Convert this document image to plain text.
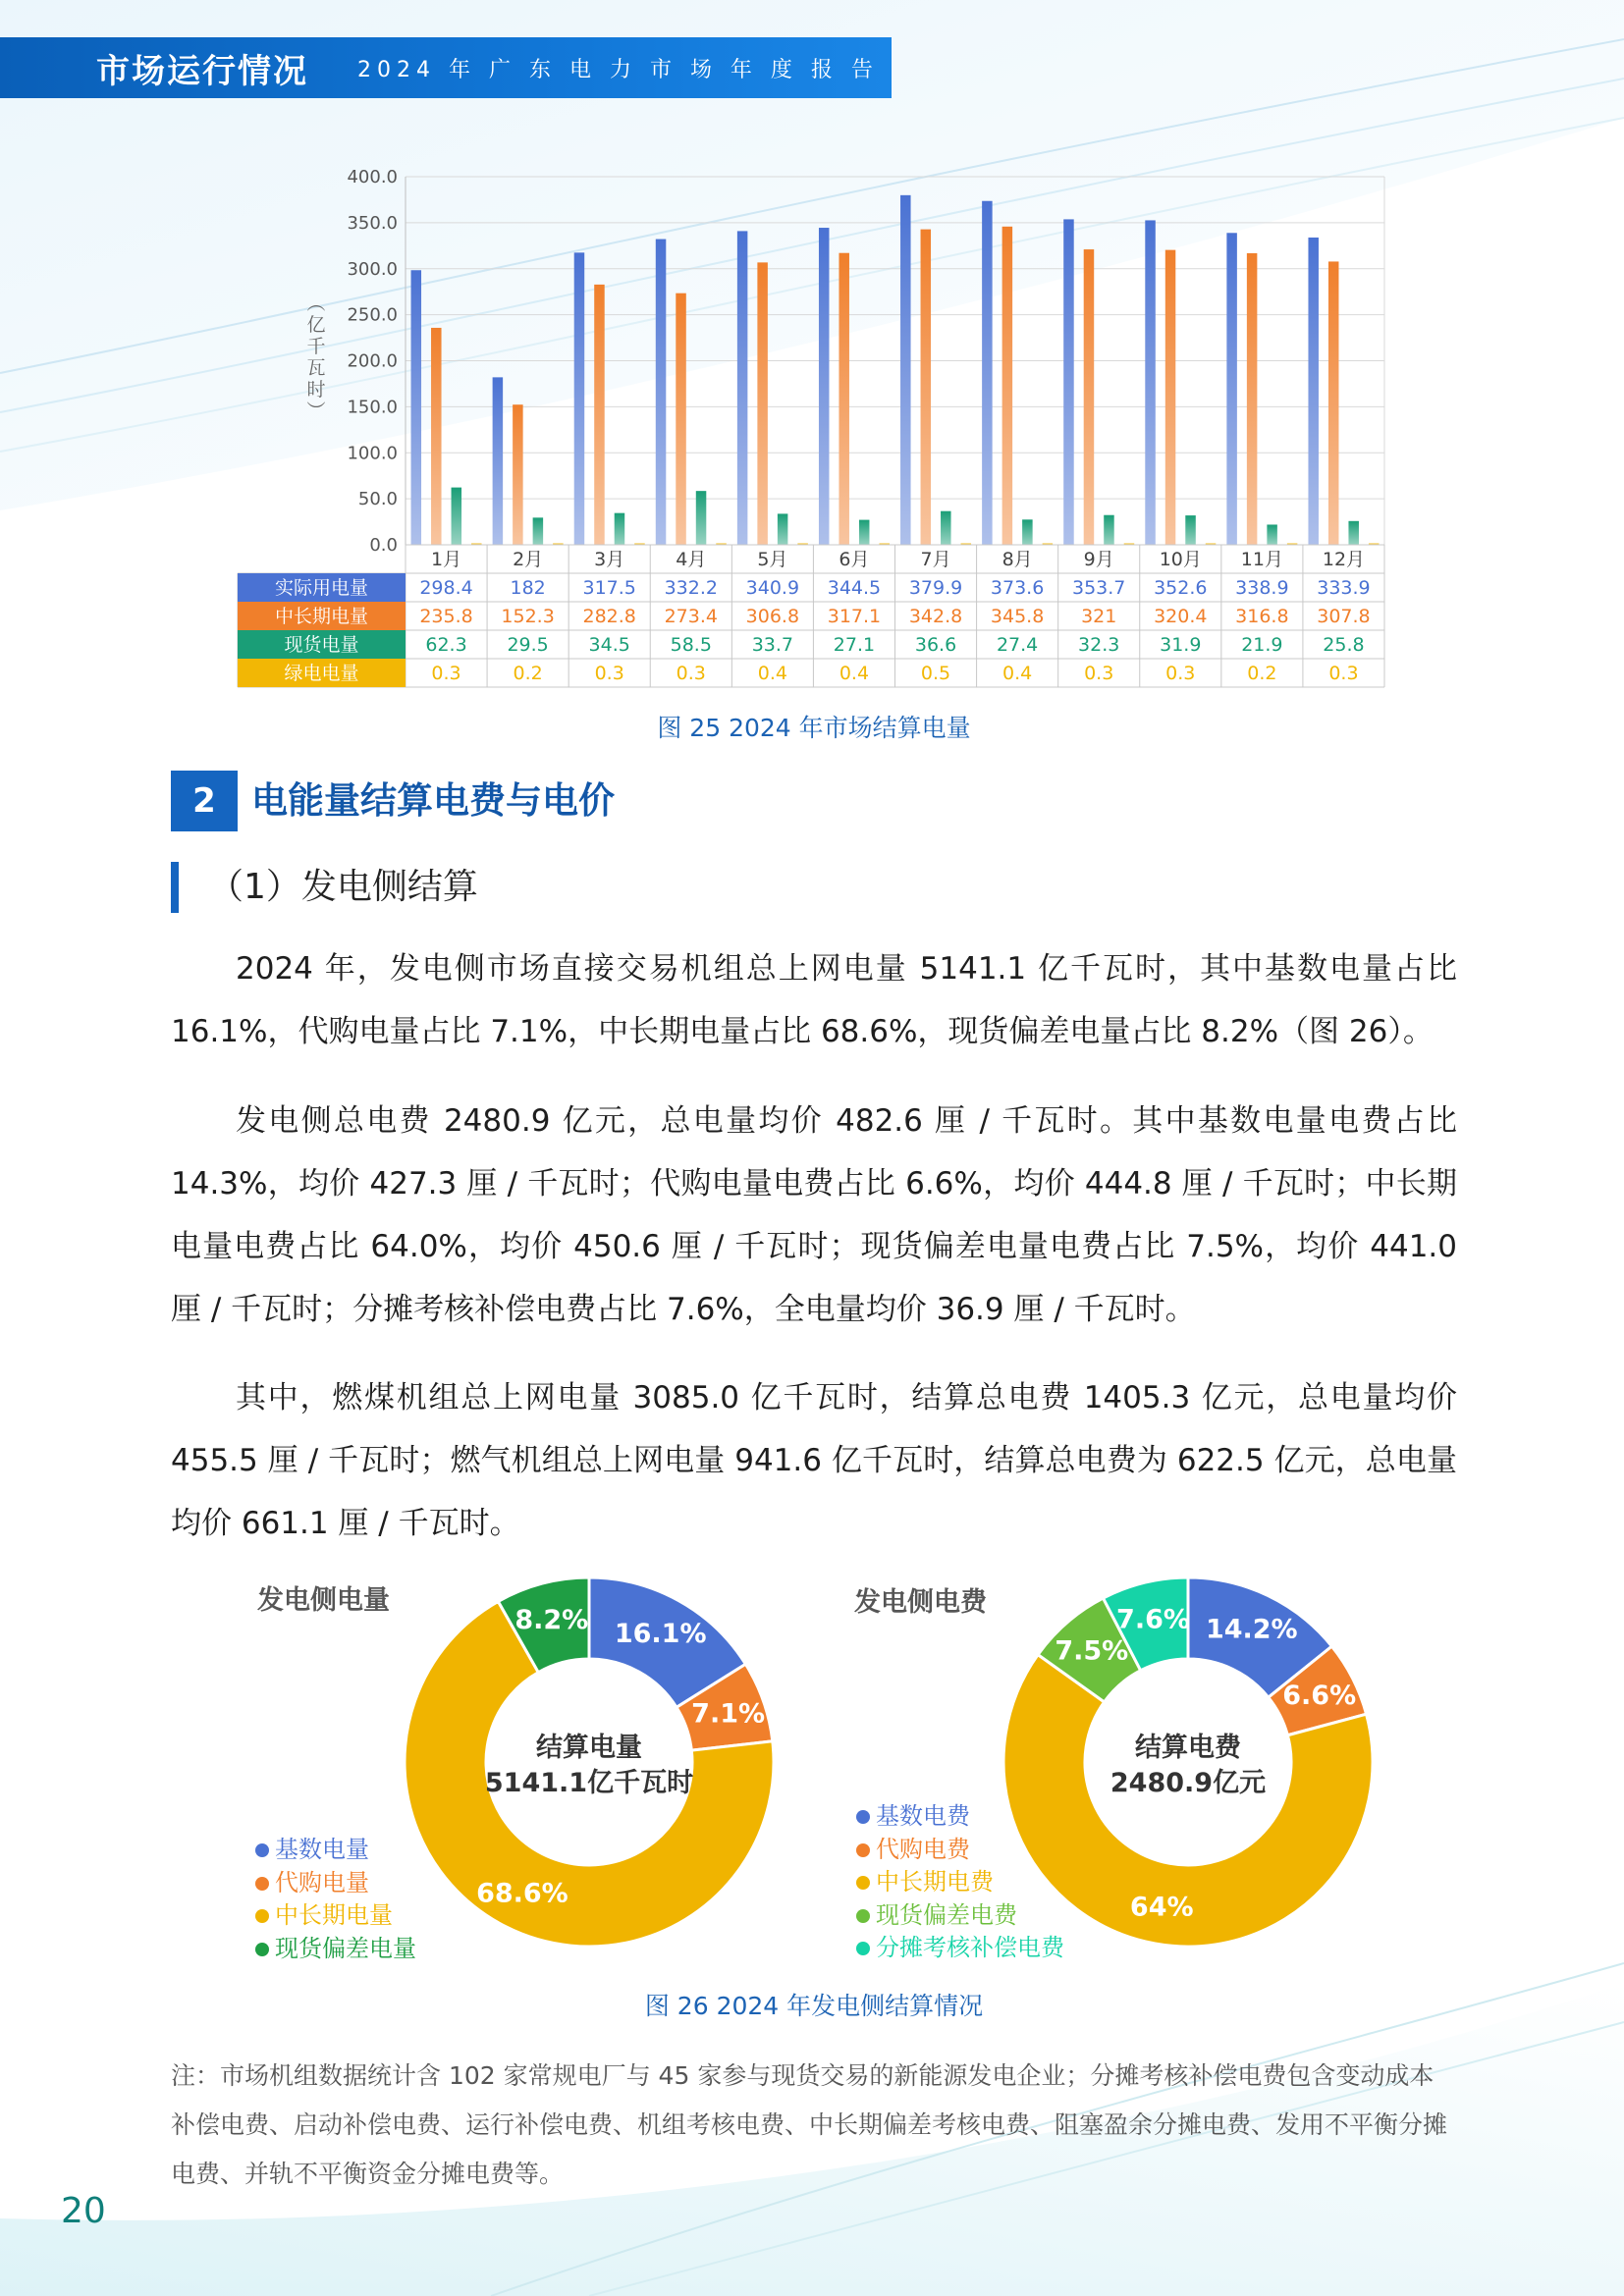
市场运行情况 2024 年 广 东 电 力 市 场 年 度 报 告
0.0
50.0
100.0
150.0
200.0
250.0
300.0
350.0
400.0
︵亿千瓦时︶
1月	2月	3月	4月	5月	6月	7月	8月	9月 10月 11月 12月
实际用电量	298.4 182 317.5 332.2 340.9 344.5 379.9 373.6 353.7 352.6 338.9 333.9
中长期电量	235.8 152.3 282.8 273.4 306.8 317.1 342.8 345.8 321 320.4 316.8 307.8
现货电量	62.3 29.5 34.5 58.5 33.7 27.1 36.6 27.4 32.3 31.9 21.9 25.8
绿电电量	0.3	0.2	0.3	0.3	0.4	0.4	0.5	0.4	0.3	0.3	0.2	0.3
图 25 2024 年市场结算电量
2 电能量结算电费与电价
（1）发电侧结算

2024 年，发电侧市场直接交易机组总上网电量 5141.1 亿千瓦时，其中基数电量占比 16.1%，代购电量占比 7.1%，中长期电量占比 68.6%，现货偏差电量占比 8.2%（图 26）。

发电侧总电费 2480.9 亿元，总电量均价 482.6 厘 / 千瓦时。其中基数电量电费占比 14.3%，均价 427.3 厘 / 千瓦时；代购电量电费占比 6.6%，均价 444.8 厘 / 千瓦时；中长期电量电费占比 64.0%，均价 450.6 厘 / 千瓦时；现货偏差电量电费占比 7.5%，均价 441.0 厘 / 千瓦时；分摊考核补偿电费占比 7.6%，全电量均价 36.9 厘 / 千瓦时。

其中，燃煤机组总上网电量 3085.0 亿千瓦时，结算总电费 1405.3 亿元，总电量均价 455.5 厘 / 千瓦时；燃气机组总上网电量 941.6 亿千瓦时，结算总电费为 622.5 亿元，总电量均价 661.1 厘 / 千瓦时。

发电侧电量	发电侧电费
16.1%
7.1%
68.6%
8.2%
结算电量
5141.1亿千瓦时
14.2%
6.6%
64%
7.5%
7.6%
结算电费
2480.9亿元
基数电量
代购电量
中长期电量
现货偏差电量
基数电费
代购电费
中长期电费
现货偏差电费
分摊考核补偿电费
图 26 2024 年发电侧结算情况
注：市场机组数据统计含 102 家常规电厂与 45 家参与现货交易的新能源发电企业；分摊考核补偿电费包含变动成本补偿电费、启动补偿电费、运行补偿电费、机组考核电费、中长期偏差考核电费、阻塞盈余分摊电费、发用不平衡分摊电费、并轨不平衡资金分摊电费等。
20
